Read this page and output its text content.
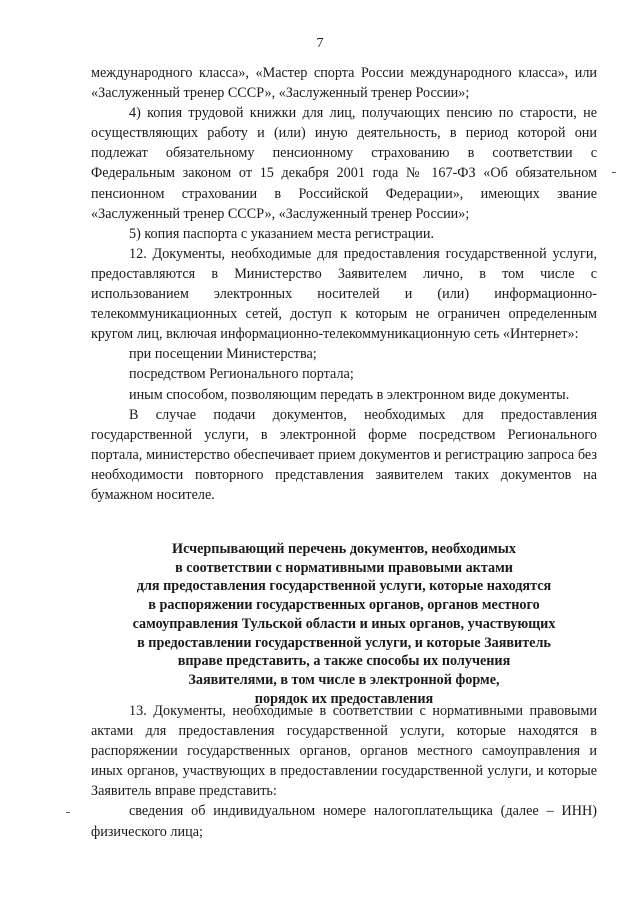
7

международного класса», «Мастер спорта России международного класса», или «Заслуженный тренер СССР», «Заслуженный тренер России»;

4) копия трудовой книжки для лиц, получающих пенсию по старости, не осуществляющих работу и (или) иную деятельность, в период которой они подлежат обязательному пенсионному страхованию в соответствии с Федеральным законом от 15 декабря 2001 года № 167-ФЗ «Об обязательном пенсионном страховании в Российской Федерации», имеющих звание «Заслуженный тренер СССР», «Заслуженный тренер России»;

5) копия паспорта с указанием места регистрации.

12. Документы, необходимые для предоставления государственной услуги, предоставляются в Министерство Заявителем лично, в том числе с использованием электронных носителей и (или) информационно-телекоммуникационных сетей, доступ к которым не ограничен определенным кругом лиц, включая информационно-телекоммуникационную сеть «Интернет»:

при посещении Министерства;

посредством Регионального портала;

иным способом, позволяющим передать в электронном виде документы.

В случае подачи документов, необходимых для предоставления государственной услуги, в электронной форме посредством Регионального портала, министерство обеспечивает прием документов и регистрацию запроса без необходимости повторного представления заявителем таких документов на бумажном носителе.

Исчерпывающий перечень документов, необходимых
в соответствии с нормативными правовыми актами
для предоставления государственной услуги, которые находятся
в распоряжении государственных органов, органов местного
самоуправления Тульской области и иных органов, участвующих
в предоставлении государственной услуги, и которые Заявитель
вправе представить, а также способы их получения
Заявителями, в том числе в электронной форме,
порядок их предоставления

13. Документы, необходимые в соответствии с нормативными правовыми актами для предоставления государственной услуги, которые находятся в распоряжении государственных органов, органов местного самоуправления и иных органов, участвующих в предоставлении государственной услуги, и которые Заявитель вправе представить:

сведения об индивидуальном номере налогоплательщика (далее – ИНН) физического лица;
